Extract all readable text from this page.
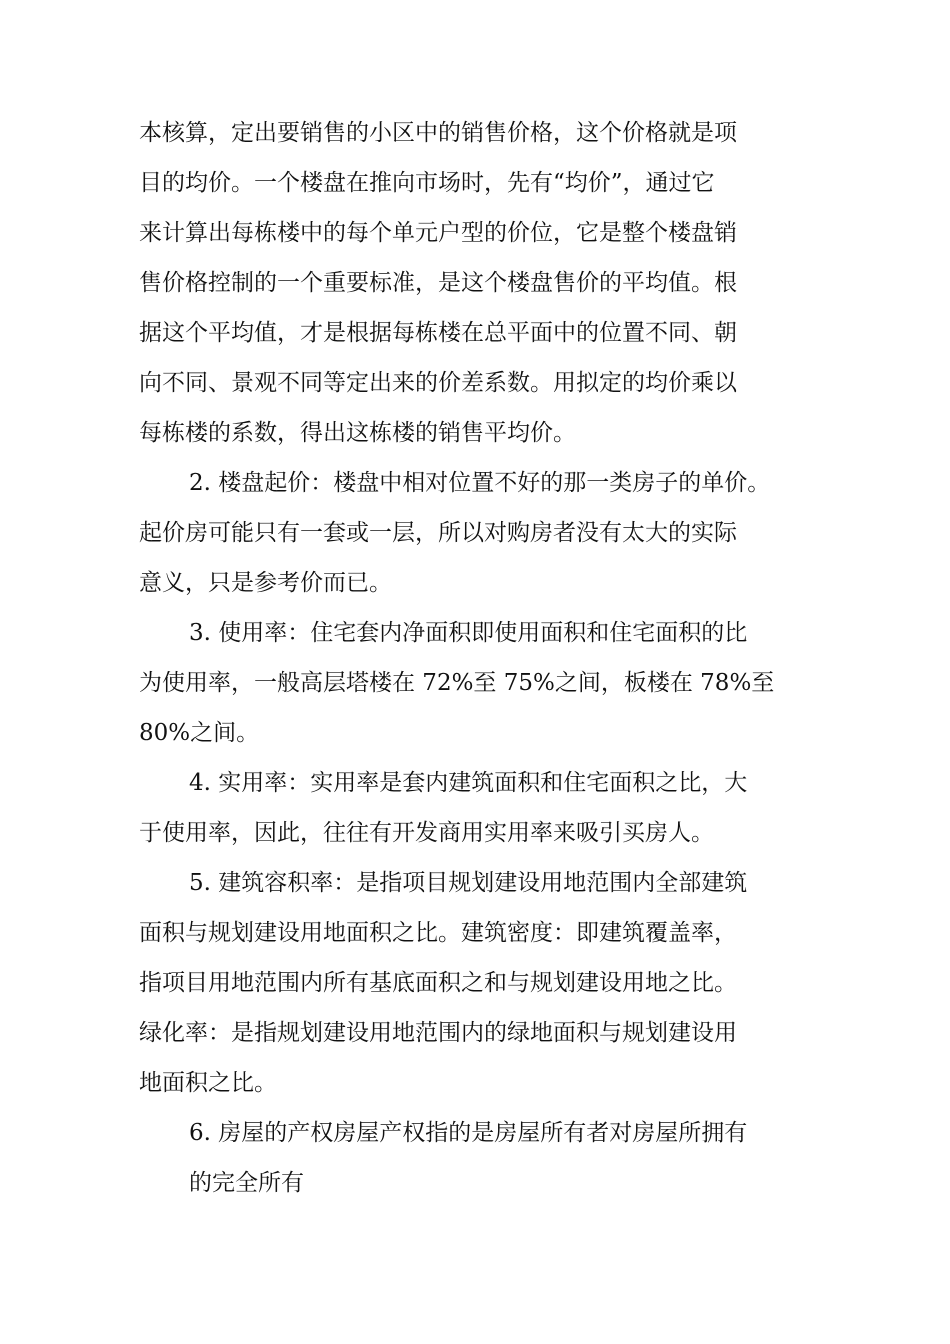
本核算，定出要销售的小区中的销售价格，这个价格就是项
目的均价。一个楼盘在推向市场时，先有“均价”，通过它
来计算出每栋楼中的每个单元户型的价位，它是整个楼盘销
售价格控制的一个重要标准，是这个楼盘售价的平均值。根
据这个平均值，才是根据每栋楼在总平面中的位置不同、朝
向不同、景观不同等定出来的价差系数。用拟定的均价乘以
每栋楼的系数，得出这栋楼的销售平均价。
2. 楼盘起价：楼盘中相对位置不好的那一类房子的单价。
起价房可能只有一套或一层，所以对购房者没有太大的实际
意义，只是参考价而已。
3. 使用率：住宅套内净面积即使用面积和住宅面积的比
为使用率，一般高层塔楼在 72%至 75%之间，板楼在 78%至
80%之间。
4. 实用率：实用率是套内建筑面积和住宅面积之比，大
于使用率，因此，往往有开发商用实用率来吸引买房人。
5. 建筑容积率：是指项目规划建设用地范围内全部建筑
面积与规划建设用地面积之比。建筑密度：即建筑覆盖率，
指项目用地范围内所有基底面积之和与规划建设用地之比。
绿化率：是指规划建设用地范围内的绿地面积与规划建设用
地面积之比。
6. 房屋的产权房屋产权指的是房屋所有者对房屋所拥有
的完全所有
